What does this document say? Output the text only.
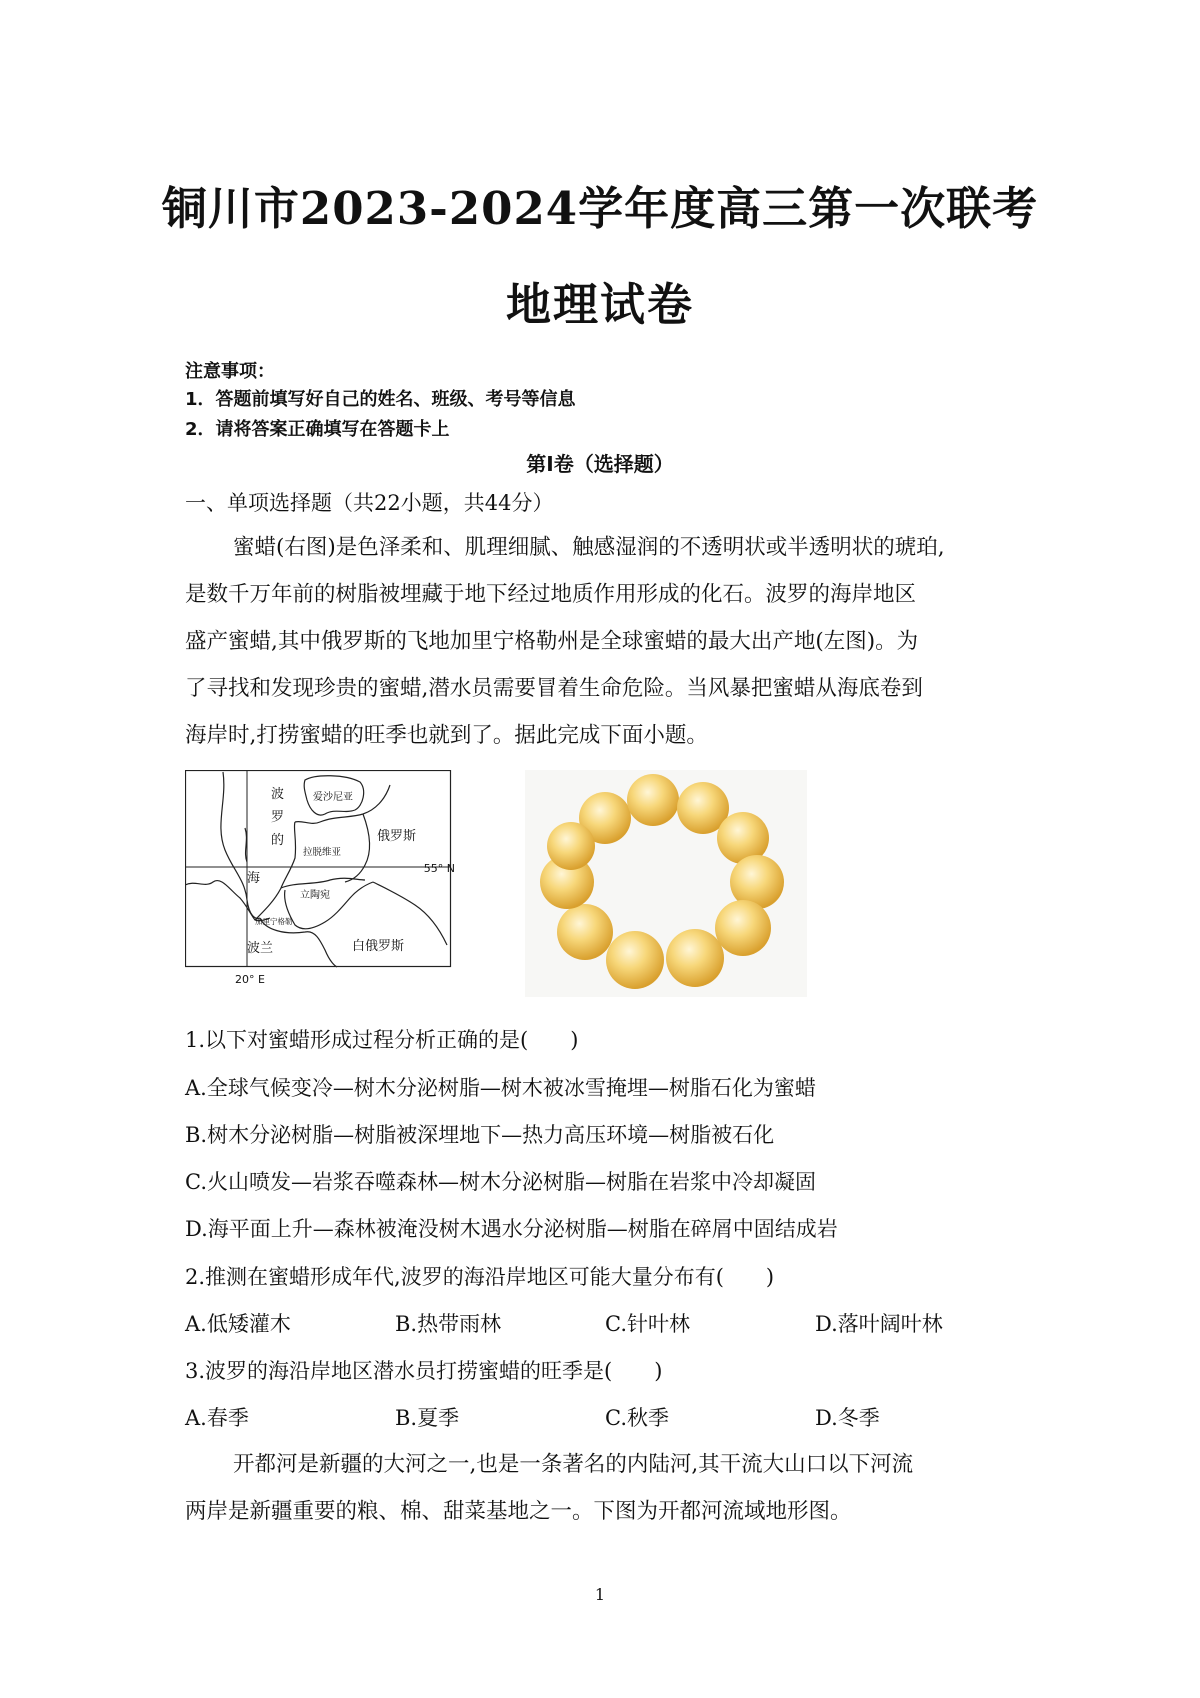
铜川市2023-2024学年度高三第一次联考
地理试卷
注意事项：
1．答题前填写好自己的姓名、班级、考号等信息
2．请将答案正确填写在答题卡上
第Ⅰ卷（选择题）
一、单项选择题（共22小题，共44分）

蜜蜡(右图)是色泽柔和、肌理细腻、触感湿润的不透明状或半透明状的琥珀,

是数千万年前的树脂被埋藏于地下经过地质作用形成的化石。波罗的海岸地区

盛产蜜蜡,其中俄罗斯的飞地加里宁格勒州是全球蜜蜡的最大出产地(左图)。为

了寻找和发现珍贵的蜜蜡,潜水员需要冒着生命危险。当风暴把蜜蜡从海底卷到

海岸时,打捞蜜蜡的旺季也就到了。据此完成下面小题。

波
罗
的
海
爱沙尼亚
俄罗斯
拉脱维亚
立陶宛
加里宁格勒
波兰	白俄罗斯
55° N
20° E
1.以下对蜜蜡形成过程分析正确的是(　　)
A.全球气候变冷—树木分泌树脂—树木被冰雪掩埋—树脂石化为蜜蜡
B.树木分泌树脂—树脂被深埋地下—热力高压环境—树脂被石化
C.火山喷发—岩浆吞噬森林—树木分泌树脂—树脂在岩浆中冷却凝固
D.海平面上升—森林被淹没树木遇水分泌树脂—树脂在碎屑中固结成岩
2.推测在蜜蜡形成年代,波罗的海沿岸地区可能大量分布有(　　)
A.低矮灌木	B.热带雨林	C.针叶林	D.落叶阔叶林
3.波罗的海沿岸地区潜水员打捞蜜蜡的旺季是(　　)
A.春季	B.夏季	C.秋季	D.冬季

开都河是新疆的大河之一,也是一条著名的内陆河,其干流大山口以下河流

两岸是新疆重要的粮、棉、甜菜基地之一。下图为开都河流域地形图。

1
